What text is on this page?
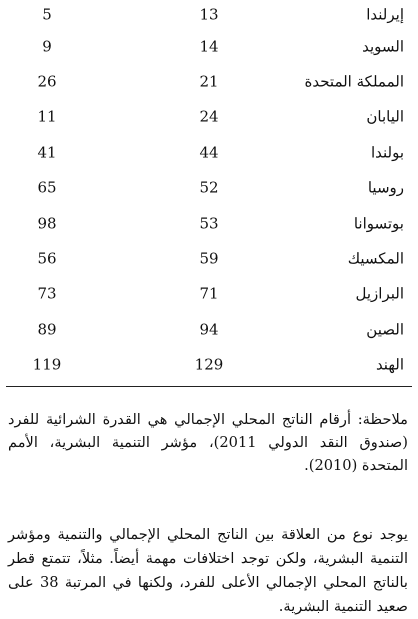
إيرلندا
13
5
السويد
14
9
المملكة المتحدة
21
26
اليابان
24
11
بولندا
44
41
روسيا
52
65
بوتسوانا
53
98
المكسيك
59
56
البرازيل
71
73
الصين
94
89
الهند
129
119

ملاحظة: أرقام الناتج المحلي الإجمالي هي القدرة الشرائية للفرد (صندوق النقد الدولي 2011)، مؤشر التنمية البشرية، الأمم المتحدة (2010).

يوجد نوع من العلاقة بين الناتج المحلي الإجمالي والتنمية ومؤشر التنمية البشرية، ولكن توجد اختلافات مهمة أيضاً. مثلاً، تتمتع قطر بالناتج المحلي الإجمالي الأعلى للفرد، ولكنها في المرتبة 38 على صعيد التنمية البشرية.
